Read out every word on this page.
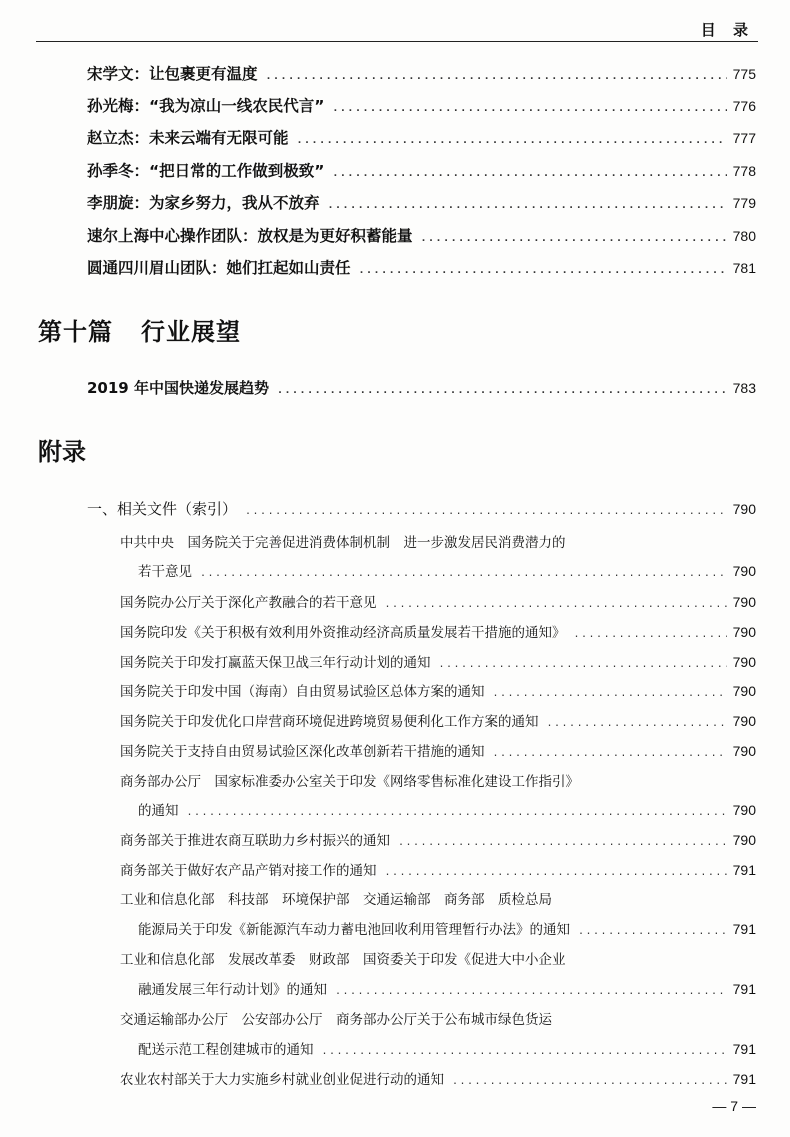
目 录
宋学文：让包裹更有温度 .....	775
孙光梅：“我为凉山一线农民代言” .....	776
赵立杰：未来云端有无限可能 .....	777
孙季冬：“把日常的工作做到极致” .....	778
李朋旋：为家乡努力，我从不放弃 .....	779
速尔上海中心操作团队：放权是为更好积蓄能量 .....	780
圆通四川眉山团队：她们扛起如山责任 .....	781
第十篇 行业展望
2019 年中国快递发展趋势 .....	783
附录
一、相关文件（索引） .....	790
中共中央　国务院关于完善促进消费体制机制　进一步激发居民消费潜力的
若干意见 .....	790
国务院办公厅关于深化产教融合的若干意见 .....	790
国务院印发《关于积极有效利用外资推动经济高质量发展若干措施的通知》 .....	790
国务院关于印发打赢蓝天保卫战三年行动计划的通知 .....	790
国务院关于印发中国（海南）自由贸易试验区总体方案的通知 .....	790
国务院关于印发优化口岸营商环境促进跨境贸易便利化工作方案的通知 .....	790
国务院关于支持自由贸易试验区深化改革创新若干措施的通知 .....	790
商务部办公厅　国家标准委办公室关于印发《网络零售标准化建设工作指引》
的通知 .....	790
商务部关于推进农商互联助力乡村振兴的通知 .....	790
商务部关于做好农产品产销对接工作的通知 .....	791
工业和信息化部　科技部　环境保护部　交通运输部　商务部　质检总局
能源局关于印发《新能源汽车动力蓄电池回收利用管理暂行办法》的通知 .....	791
工业和信息化部　发展改革委　财政部　国资委关于印发《促进大中小企业
融通发展三年行动计划》的通知 .....	791
交通运输部办公厅　公安部办公厅　商务部办公厅关于公布城市绿色货运
配送示范工程创建城市的通知 .....	791
农业农村部关于大力实施乡村就业创业促进行动的通知 .....	791
— 7 —
